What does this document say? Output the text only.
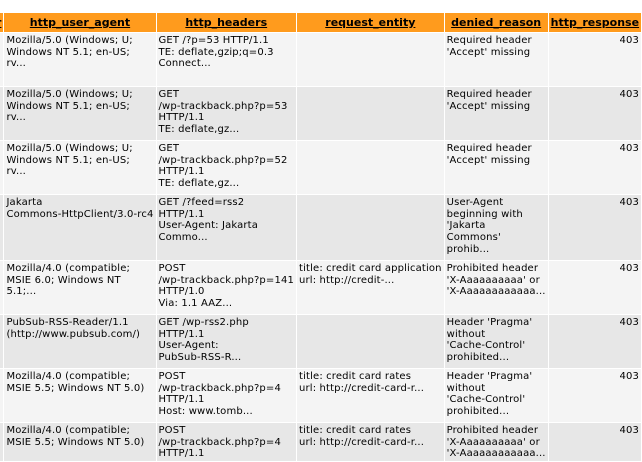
	http_user_agent	http_headers	request_entity	denied_reason	http_response

	Mozilla/5.0 (Windows; U;
Windows NT 5.1; en-US;
rv...	GET /?p=53 HTTP/1.1
TE: deflate,gzip;q=0.3
Connect...		Required header
'Accept' missing	403

	Mozilla/5.0 (Windows; U;
Windows NT 5.1; en-US;
rv...	GET
/wp-trackback.php?p=53
HTTP/1.1
TE: deflate,gz...		Required header
'Accept' missing	403

	Mozilla/5.0 (Windows; U;
Windows NT 5.1; en-US;
rv...	GET
/wp-trackback.php?p=52
HTTP/1.1
TE: deflate,gz...		Required header
'Accept' missing	403

	Jakarta
Commons-HttpClient/3.0-rc4	GET /?feed=rss2
HTTP/1.1
User-Agent: Jakarta
Commo...		User-Agent
beginning with
'Jakarta
Commons'
prohib...	403

	Mozilla/4.0 (compatible;
MSIE 6.0; Windows NT
5.1;...	POST
/wp-trackback.php?p=141
HTTP/1.0
Via: 1.1 AAZ...	title: credit card application
url: http://credit-...	Prohibited header
'X-Aaaaaaaaaa' or
'X-Aaaaaaaaaaaa...	403

	PubSub-RSS-Reader/1.1
(http://www.pubsub.com/)	GET /wp-rss2.php
HTTP/1.1
User-Agent:
PubSub-RSS-R...		Header 'Pragma'
without
'Cache-Control'
prohibited...	403

	Mozilla/4.0 (compatible;
MSIE 5.5; Windows NT 5.0)	POST
/wp-trackback.php?p=4
HTTP/1.1
Host: www.tomb...	title: credit card rates
url: http://credit-card-r...	Header 'Pragma'
without
'Cache-Control'
prohibited...	403

	Mozilla/4.0 (compatible;
MSIE 5.5; Windows NT 5.0)	POST
/wp-trackback.php?p=4
HTTP/1.1	title: credit card rates
url: http://credit-card-r...	Prohibited header
'X-Aaaaaaaaaa' or
'X-Aaaaaaaaaaaa...	403
